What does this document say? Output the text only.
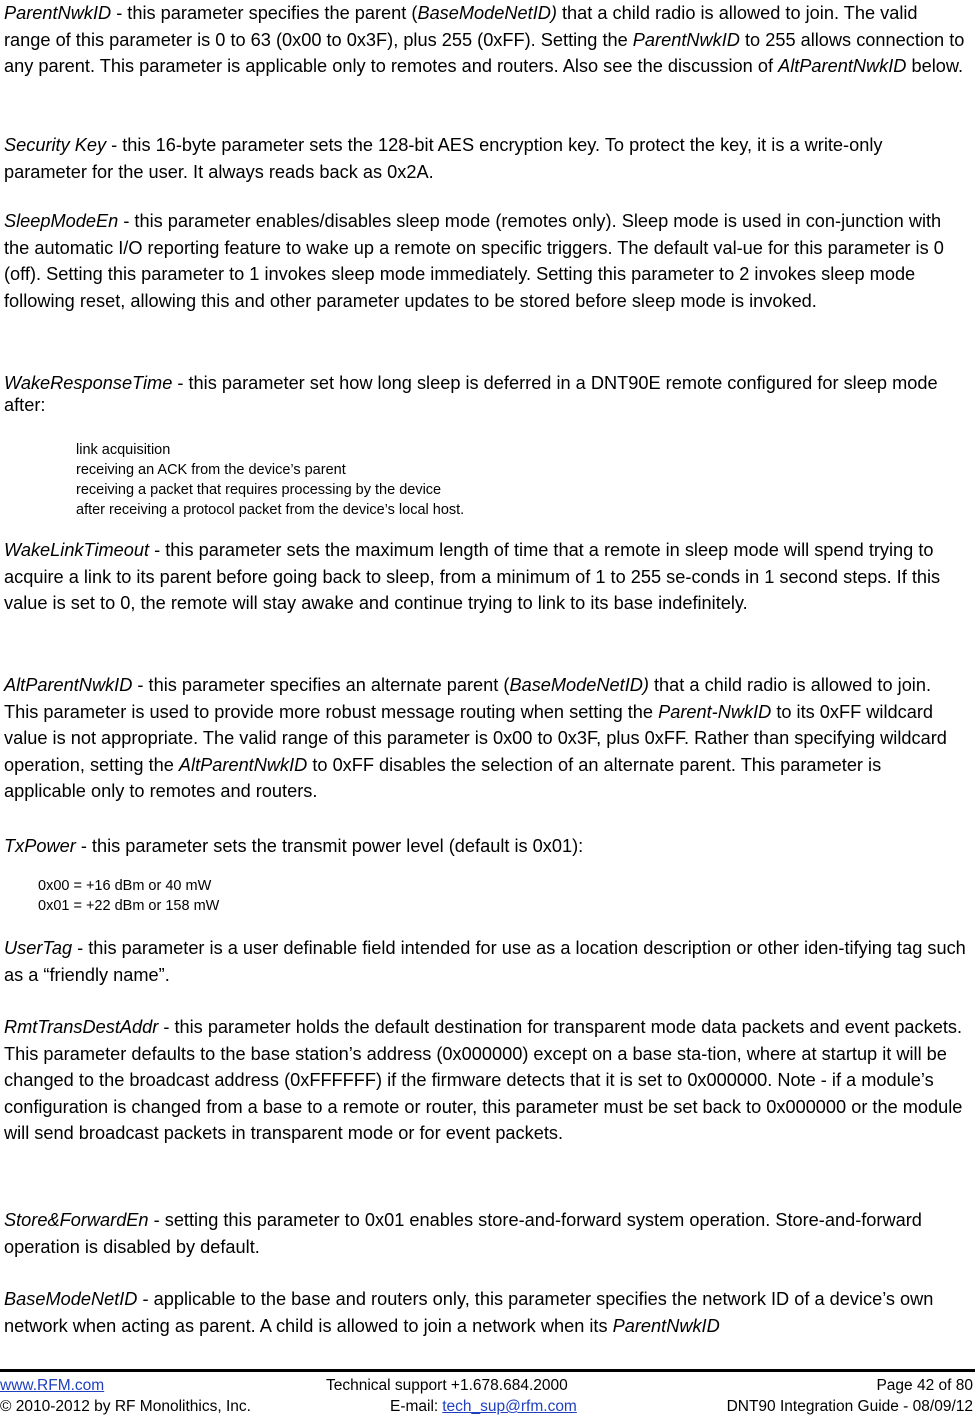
ParentNwkID - this parameter specifies the parent (BaseModeNetID) that a child radio is allowed to join. The valid range of this parameter is 0 to 63 (0x00 to 0x3F), plus 255 (0xFF). Setting the ParentNwkID to 255 allows connection to any parent. This parameter is applicable only to remotes and routers. Also see the discussion of AltParentNwkID below.

Security Key - this 16-byte parameter sets the 128-bit AES encryption key. To protect the key, it is a write-only parameter for the user. It always reads back as 0x2A.

SleepModeEn - this parameter enables/disables sleep mode (remotes only). Sleep mode is used in con-junction with the automatic I/O reporting feature to wake up a remote on specific triggers. The default val-ue for this parameter is 0 (off). Setting this parameter to 1 invokes sleep mode immediately. Setting this parameter to 2 invokes sleep mode following reset, allowing this and other parameter updates to be stored before sleep mode is invoked.

WakeResponseTime - this parameter set how long sleep is deferred in a DNT90E remote configured for sleep mode after:

link acquisition
receiving an ACK from the device’s parent
receiving a packet that requires processing by the device
after receiving a protocol packet from the device’s local host.

WakeLinkTimeout - this parameter sets the maximum length of time that a remote in sleep mode will spend trying to acquire a link to its parent before going back to sleep, from a minimum of 1 to 255 se-conds in 1 second steps. If this value is set to 0, the remote will stay awake and continue trying to link to its base indefinitely.

AltParentNwkID - this parameter specifies an alternate parent (BaseModeNetID) that a child radio is allowed to join. This parameter is used to provide more robust message routing when setting the Parent-NwkID to its 0xFF wildcard value is not appropriate. The valid range of this parameter is 0x00 to 0x3F, plus 0xFF. Rather than specifying wildcard operation, setting the AltParentNwkID to 0xFF disables the selection of an alternate parent. This parameter is applicable only to remotes and routers.

TxPower - this parameter sets the transmit power level (default is 0x01):

0x00 = +16 dBm or 40 mW
0x01 = +22 dBm or 158 mW

UserTag - this parameter is a user definable field intended for use as a location description or other iden-tifying tag such as a “friendly name”.

RmtTransDestAddr - this parameter holds the default destination for transparent mode data packets and event packets. This parameter defaults to the base station’s address (0x000000) except on a base sta-tion, where at startup it will be changed to the broadcast address (0xFFFFFF) if the firmware detects that it is set to 0x000000. Note - if a module’s configuration is changed from a base to a remote or router, this parameter must be set back to 0x000000 or the module will send broadcast packets in transparent mode or for event packets.

Store&ForwardEn - setting this parameter to 0x01 enables store-and-forward system operation. Store-and-forward operation is disabled by default.

BaseModeNetID - applicable to the base and routers only, this parameter specifies the network ID of a device’s own network when acting as parent. A child is allowed to join a network when its ParentNwkID

www.RFM.com
© 2010-2012 by RF Monolithics, Inc.
Technical support +1.678.684.2000
E-mail: tech_sup@rfm.com
Page 42 of 80
DNT90 Integration Guide - 08/09/12
